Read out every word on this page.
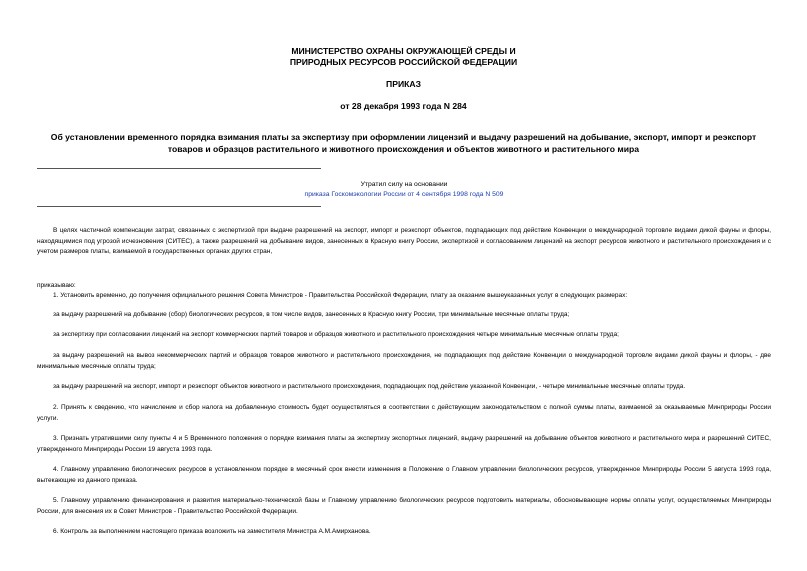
МИНИСТЕРСТВО ОХРАНЫ ОКРУЖАЮЩЕЙ СРЕДЫ И
ПРИРОДНЫХ РЕСУРСОВ РОССИЙСКОЙ ФЕДЕРАЦИИ
ПРИКАЗ
от 28 декабря 1993 года N 284
Об установлении временного порядка взимания платы за экспертизу при оформлении лицензий и выдачу разрешений на добывание, экспорт, импорт и реэкспорт
товаров и образцов растительного и животного происхождения и объектов животного и растительного мира
Утратил силу на основании
приказа Госкомэкологии России от 4 сентября 1998 года N 509
В целях частичной компенсации затрат, связанных с экспертизой при выдаче разрешений на экспорт, импорт и реэкспорт объектов, подпадающих под действие Конвенции о международной торговле видами дикой фауны и флоры, находящимися под угрозой исчезновения (СИТЕС), а также разрешений на добывание видов, занесенных в Красную книгу России, экспертизой и согласованием лицензий на экспорт ресурсов животного и растительного происхождения и с учетом размеров платы, взимаемой в государственных органах других стран,
приказываю:
1. Установить временно, до получения официального решения Совета Министров - Правительства Российской Федерации, плату за оказание вышеуказанных услуг в следующих размерах:
за выдачу разрешений на добывание (сбор) биологических ресурсов, в том числе видов, занесенных в Красную книгу России, три минимальные месячные оплаты труда;
за экспертизу при согласовании лицензий на экспорт коммерческих партий товаров и образцов животного и растительного происхождения четыре минимальные месячные оплаты труда;
за выдачу разрешений на вывоз некоммерческих партий и образцов товаров животного и растительного происхождения, не подпадающих под действие Конвенции о международной торговле видами дикой фауны и флоры, - две минимальные месячные оплаты труда;
за выдачу разрешений на экспорт, импорт и реэкспорт объектов животного и растительного происхождения, подпадающих под действие указанной Конвенции, - четыре минимальные месячные оплаты труда.
2. Принять к сведению, что начисление и сбор налога на добавленную стоимость будет осуществляться в соответствии с действующим законодательством с полной суммы платы, взимаемой за оказываемые Минприроды России услуги.
3. Признать утратившими силу пункты 4 и 5 Временного положения о порядке взимания платы за экспертизу экспортных лицензий, выдачу разрешений на добывание объектов животного и растительного мира и разрешений СИТЕС, утвержденного Минприроды России 19 августа 1993 года.
4. Главному управлению биологических ресурсов в установленном порядке в месячный срок внести изменения в Положение о Главном управлении биологических ресурсов, утвержденное Минприроды России 5 августа 1993 года, вытекающие из данного приказа.
5. Главному управлению финансирования и развития материально-технической базы и Главному управлению биологических ресурсов подготовить материалы, обосновывающие нормы оплаты услуг, осуществляемых Минприроды России, для внесения их в Совет Министров - Правительство Российской Федерации.
6. Контроль за выполнением настоящего приказа возложить на заместителя Министра А.М.Амирханова.
